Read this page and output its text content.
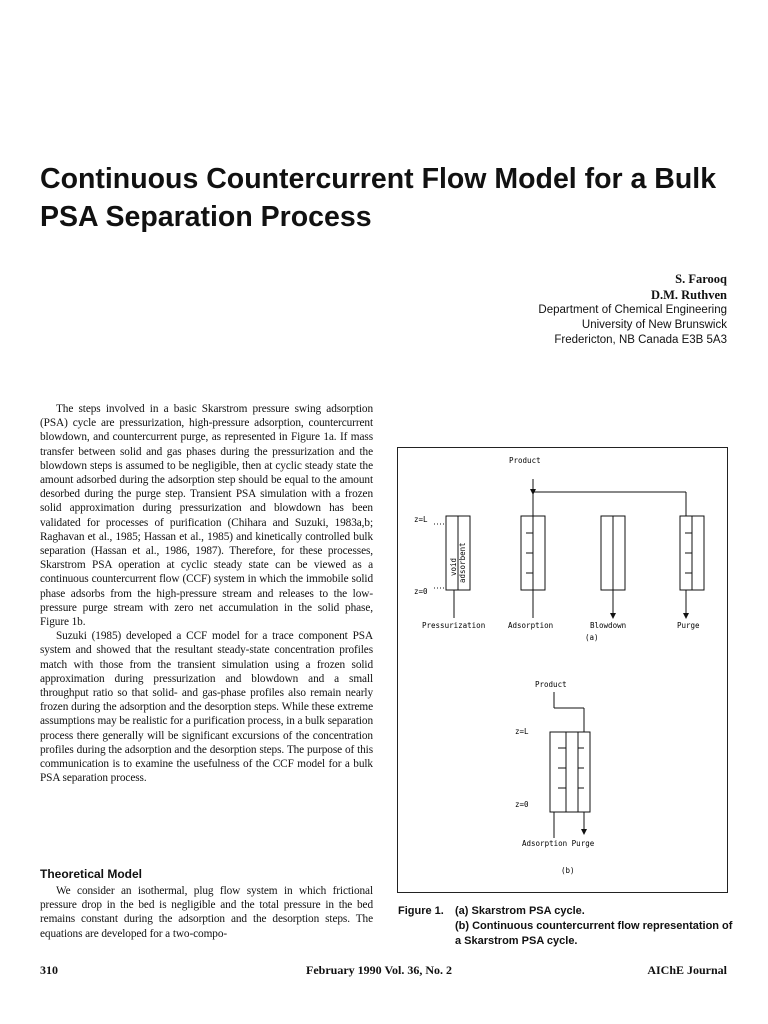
Continuous Countercurrent Flow Model for a Bulk PSA Separation Process
S. Farooq
D.M. Ruthven
Department of Chemical Engineering
University of New Brunswick
Fredericton, NB Canada E3B 5A3

The steps involved in a basic Skarstrom pressure swing adsorption (PSA) cycle are pressurization, high-pressure adsorption, countercurrent blowdown, and countercurrent purge, as represented in Figure 1a. If mass transfer between solid and gas phases during the pressurization and the blowdown steps is assumed to be negligible, then at cyclic steady state the amount adsorbed during the adsorption step should be equal to the amount desorbed during the purge step. Transient PSA simulation with a frozen solid approximation during pressurization and blowdown has been validated for processes of purification (Chihara and Suzuki, 1983a,b; Raghavan et al., 1985; Hassan et al., 1985) and kinetically controlled bulk separation (Hassan et al., 1986, 1987). Therefore, for these processes, Skarstrom PSA operation at cyclic steady state can be viewed as a continuous countercurrent flow (CCF) system in which the immobile solid phase adsorbs from the high-pressure stream and releases to the low-pressure purge stream with zero net accumulation in the solid phase, Figure 1b.

Suzuki (1985) developed a CCF model for a trace component PSA system and showed that the resultant steady-state concentration profiles match with those from the transient simulation using a frozen solid approximation during pressurization and blowdown and a small throughput ratio so that solid- and gas-phase profiles also remain nearly frozen during the adsorption and the desorption steps. While these extreme assumptions may be realistic for a purification process, in a bulk separation process there generally will be significant excursions of the concentration profiles during the adsorption and the desorption steps. The purpose of this communication is to examine the usefulness of the CCF model for a bulk PSA separation process.

Theoretical Model

We consider an isothermal, plug flow system in which frictional pressure drop in the bed is negligible and the total pressure in the bed remains constant during the adsorption and the desorption steps. The equations are developed for a two-compo-

Product
z=L
z=0
void adsorbent
Pressurization	Adsorption	Blowdown	Purge
(a)
Product
z=L
z=0
Adsorption Purge
(b)
Figure 1. (a) Skarstrom PSA cycle.
(b) Continuous countercurrent flow representation of a Skarstrom PSA cycle.
310	February 1990 Vol. 36, No. 2	AIChE Journal
